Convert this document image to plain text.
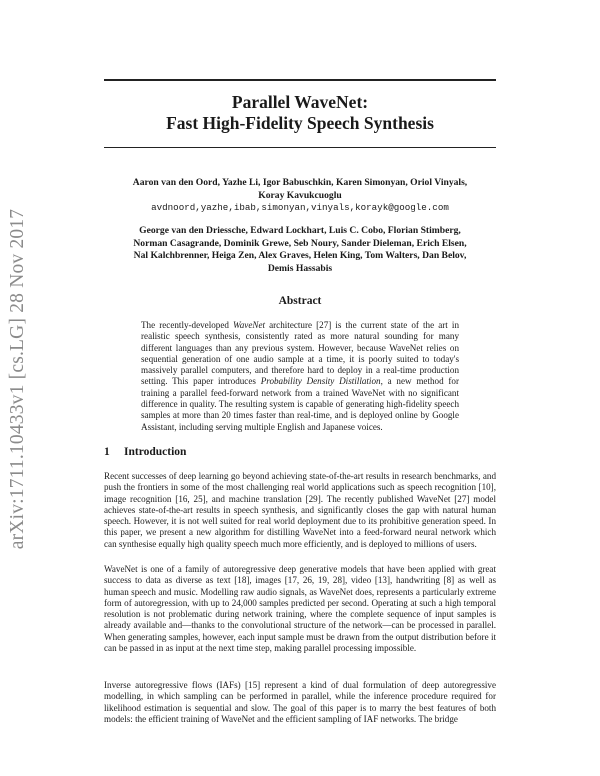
arXiv:1711.10433v1 [cs.LG] 28 Nov 2017
Parallel WaveNet:
Fast High-Fidelity Speech Synthesis
Aaron van den Oord, Yazhe Li, Igor Babuschkin, Karen Simonyan, Oriol Vinyals,
Koray Kavukcuoglu
avdnoord,yazhe,ibab,simonyan,vinyals,korayk@google.com
George van den Driessche, Edward Lockhart, Luis C. Cobo, Florian Stimberg,
Norman Casagrande, Dominik Grewe, Seb Noury, Sander Dieleman, Erich Elsen,
Nal Kalchbrenner, Heiga Zen, Alex Graves, Helen King, Tom Walters, Dan Belov,
Demis Hassabis
Abstract

The recently-developed WaveNet architecture [27] is the current state of the art in realistic speech synthesis, consistently rated as more natural sounding for many different languages than any previous system. However, because WaveNet relies on sequential generation of one audio sample at a time, it is poorly suited to today's massively parallel computers, and therefore hard to deploy in a real-time production setting. This paper introduces Probability Density Distillation, a new method for training a parallel feed-forward network from a trained WaveNet with no significant difference in quality. The resulting system is capable of generating high-fidelity speech samples at more than 20 times faster than real-time, and is deployed online by Google Assistant, including serving multiple English and Japanese voices.

1 Introduction

Recent successes of deep learning go beyond achieving state-of-the-art results in research benchmarks, and push the frontiers in some of the most challenging real world applications such as speech recognition [10], image recognition [16, 25], and machine translation [29]. The recently published WaveNet [27] model achieves state-of-the-art results in speech synthesis, and significantly closes the gap with natural human speech. However, it is not well suited for real world deployment due to its prohibitive generation speed. In this paper, we present a new algorithm for distilling WaveNet into a feed-forward neural network which can synthesise equally high quality speech much more efficiently, and is deployed to millions of users.

WaveNet is one of a family of autoregressive deep generative models that have been applied with great success to data as diverse as text [18], images [17, 26, 19, 28], video [13], handwriting [8] as well as human speech and music. Modelling raw audio signals, as WaveNet does, represents a particularly extreme form of autoregression, with up to 24,000 samples predicted per second. Operating at such a high temporal resolution is not problematic during network training, where the complete sequence of input samples is already available and—thanks to the convolutional structure of the network—can be processed in parallel. When generating samples, however, each input sample must be drawn from the output distribution before it can be passed in as input at the next time step, making parallel processing impossible.

Inverse autoregressive flows (IAFs) [15] represent a kind of dual formulation of deep autoregressive modelling, in which sampling can be performed in parallel, while the inference procedure required for likelihood estimation is sequential and slow. The goal of this paper is to marry the best features of both models: the efficient training of WaveNet and the efficient sampling of IAF networks. The bridge
